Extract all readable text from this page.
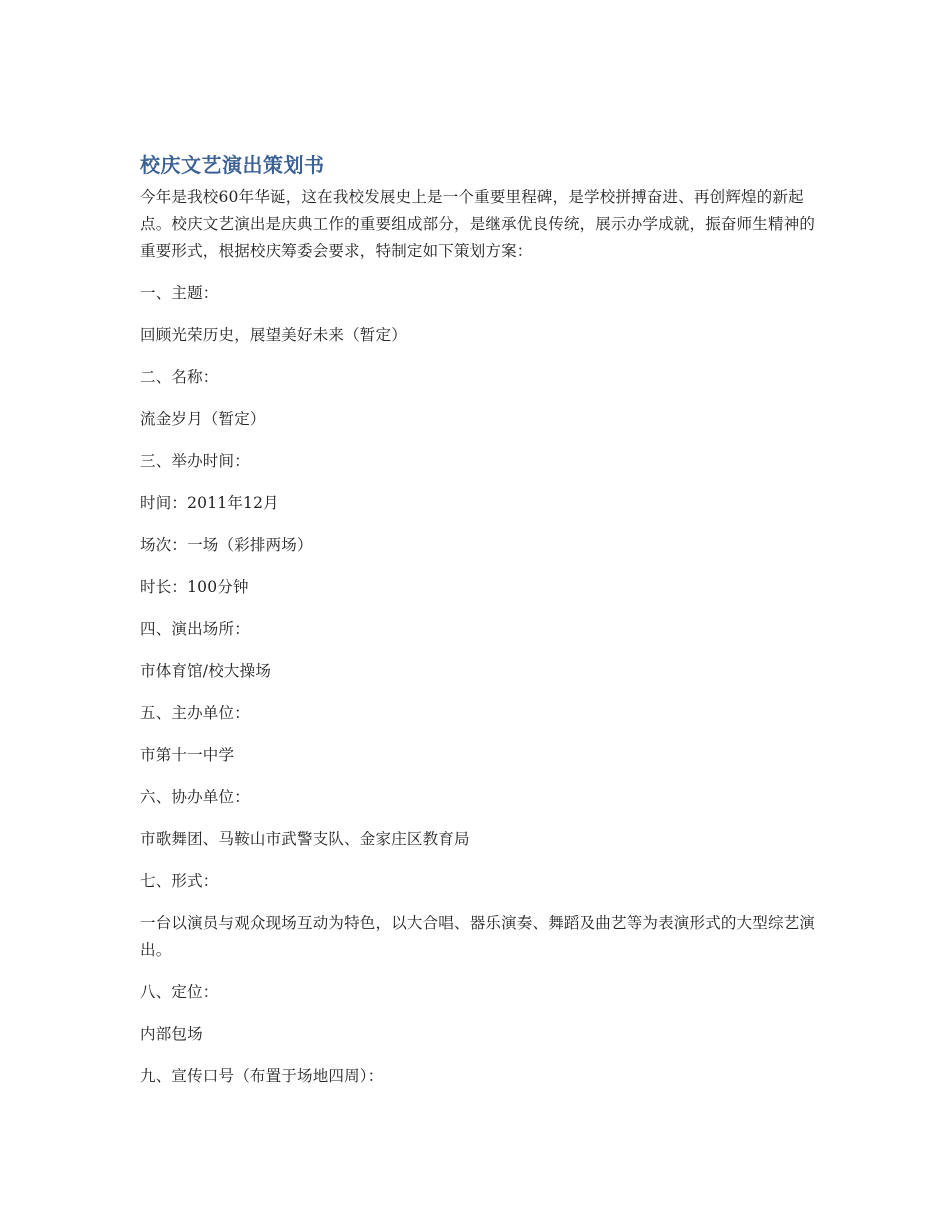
校庆文艺演出策划书

今年是我校60年华诞，这在我校发展史上是一个重要里程碑，是学校拼搏奋进、再创辉煌的新起点。校庆文艺演出是庆典工作的重要组成部分，是继承优良传统，展示办学成就，振奋师生精神的重要形式，根据校庆筹委会要求，特制定如下策划方案：

一、主题：

回顾光荣历史，展望美好未来（暂定）

二、名称：

流金岁月（暂定）

三、举办时间：

时间：2011年12月

场次：一场（彩排两场）

时长：100分钟

四、演出场所：

市体育馆/校大操场

五、主办单位：

市第十一中学

六、协办单位：

市歌舞团、马鞍山市武警支队、金家庄区教育局

七、形式：

一台以演员与观众现场互动为特色，以大合唱、器乐演奏、舞蹈及曲艺等为表演形式的大型综艺演出。

八、定位：

内部包场

九、宣传口号（布置于场地四周）：
